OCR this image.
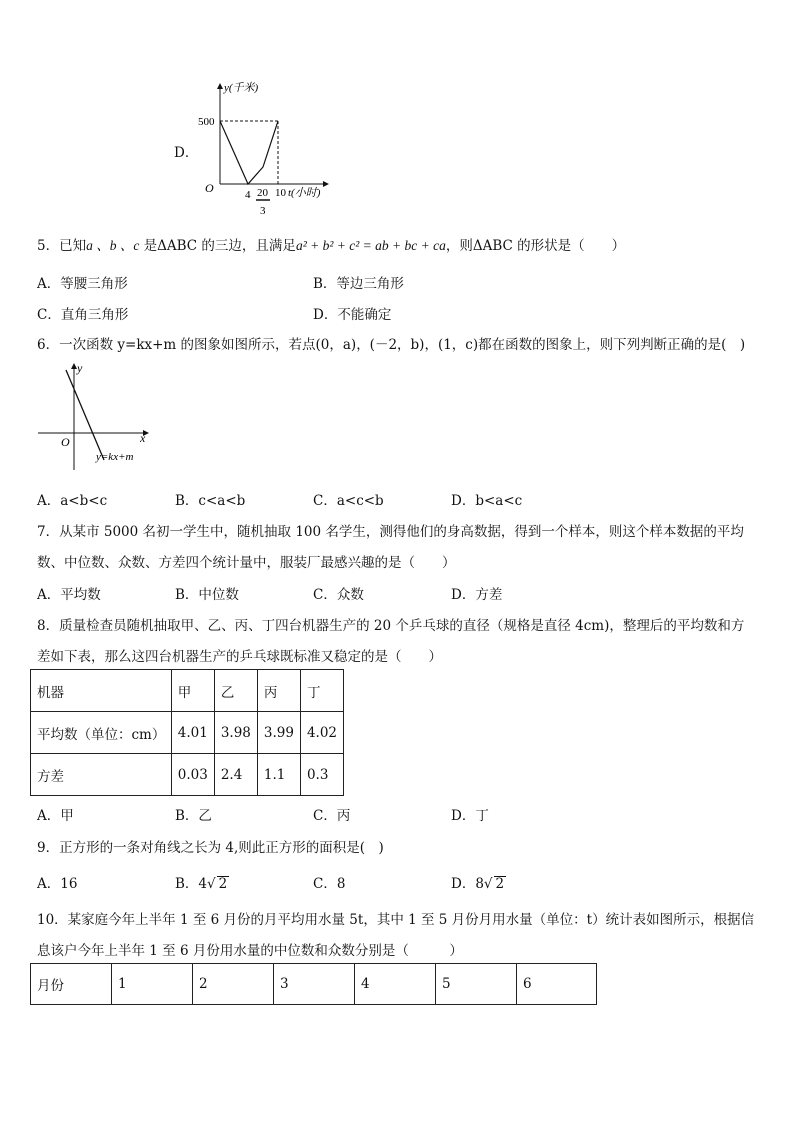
D．
y(千米)
500
O	4 20
3
10 t(小时)
5．已知a 、b 、c 是ΔABC 的三边，且满足a² + b² + c² = ab + bc + ca，则ΔABC 的形状是（　　）
A．等腰三角形	B．等边三角形
C．直角三角形	D．不能确定
6．一次函数 y=kx+m 的图象如图所示，若点(0，a)，(－2，b)，(1，c)都在函数的图象上，则下列判断正确的是(　)
y
x
O
y=kx+m
A．a<b<c	B．c<a<b	C．a<c<b	D．b<a<c
7．从某市 5000 名初一学生中，随机抽取 100 名学生，测得他们的身高数据，得到一个样本，则这个样本数据的平均
数、中位数、众数、方差四个统计量中，服装厂最感兴趣的是（　　）
A．平均数	B．中位数	C．众数	D．方差
8．质量检查员随机抽取甲、乙、丙、丁四台机器生产的 20 个乒乓球的直径（规格是直径 4cm)，整理后的平均数和方
差如下表，那么这四台机器生产的乒乓球既标准又稳定的是（　　）
机器	甲	乙	丙	丁
平均数（单位：cm）	4.01	3.98	3.99	4.02
方差	0.03	2.4	1.1	0.3
A．甲	B．乙	C．丙	D．丁
9．正方形的一条对角线之长为 4,则此正方形的面积是(　)
A．16	B．4√ 2	C．8	D．8√ 2
10．某家庭今年上半年 1 至 6 月份的月平均用水量 5t，其中 1 至 5 月份月用水量（单位：t）统计表如图所示，根据信
息该户今年上半年 1 至 6 月份用水量的中位数和众数分别是（　　　）
月份	1	2	3	4	5	6
